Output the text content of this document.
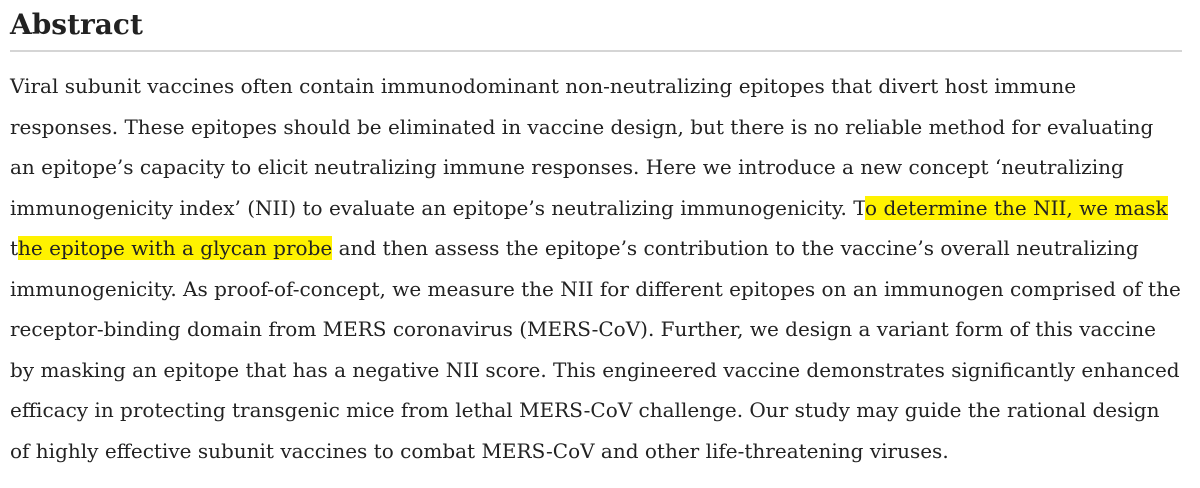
Abstract

Viral subunit vaccines often contain immunodominant non-neutralizing epitopes that divert host immune responses. These epitopes should be eliminated in vaccine design, but there is no reliable method for evaluating an epitope’s capacity to elicit neutralizing immune responses. Here we introduce a new concept ‘neutralizing immunogenicity index’ (NII) to evaluate an epitope’s neutralizing immunogenicity. To determine the NII, we mask the epitope with a glycan probe and then assess the epitope’s contribution to the vaccine’s overall neutralizing immunogenicity. As proof-of-concept, we measure the NII for different epitopes on an immunogen comprised of the receptor-binding domain from MERS coronavirus (MERS-CoV). Further, we design a variant form of this vaccine by masking an epitope that has a negative NII score. This engineered vaccine demonstrates significantly enhanced efficacy in protecting transgenic mice from lethal MERS-CoV challenge. Our study may guide the rational design of highly effective subunit vaccines to combat MERS-CoV and other life-threatening viruses.
